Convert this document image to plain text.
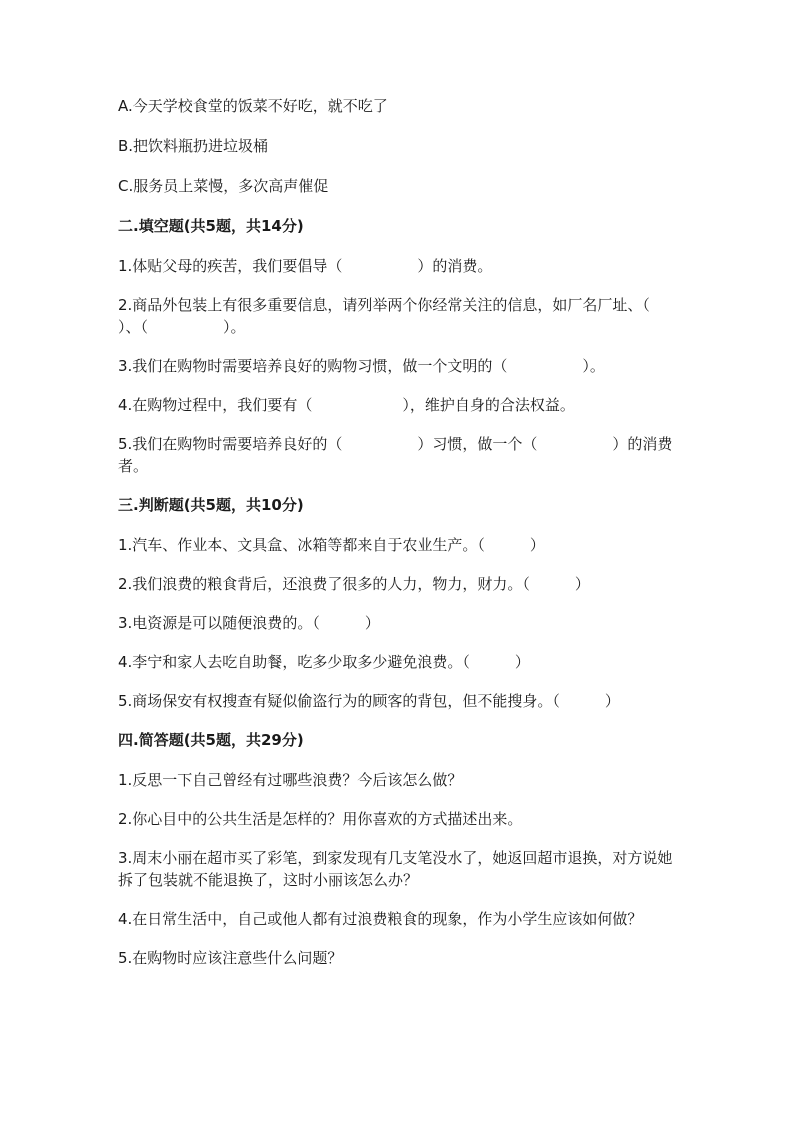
A.今天学校食堂的饭菜不好吃，就不吃了

B.把饮料瓶扔进垃圾桶

C.服务员上菜慢，多次高声催促

二.填空题(共5题，共14分)

1.体贴父母的疾苦，我们要倡导（　　　　　）的消费。

2.商品外包装上有很多重要信息，请列举两个你经常关注的信息，如厂名厂址、（　　　　　）、（　　　　　）。

3.我们在购物时需要培养良好的购物习惯，做一个文明的（　　　　　）。

4.在购物过程中，我们要有（　　　　　　），维护自身的合法权益。

5.我们在购物时需要培养良好的（　　　　　）习惯，做一个（　　　　　）的消费者。

三.判断题(共5题，共10分)

1.汽车、作业本、文具盒、冰箱等都来自于农业生产。（　　　）

2.我们浪费的粮食背后，还浪费了很多的人力，物力，财力。（　　　）

3.电资源是可以随便浪费的。（　　　）

4.李宁和家人去吃自助餐，吃多少取多少避免浪费。（　　　）

5.商场保安有权搜查有疑似偷盗行为的顾客的背包，但不能搜身。（　　　）

四.简答题(共5题，共29分)

1.反思一下自己曾经有过哪些浪费？今后该怎么做？

2.你心目中的公共生活是怎样的？用你喜欢的方式描述出来。

3.周末小丽在超市买了彩笔，到家发现有几支笔没水了，她返回超市退换，对方说她拆了包装就不能退换了，这时小丽该怎么办？

4.在日常生活中，自己或他人都有过浪费粮食的现象，作为小学生应该如何做？

5.在购物时应该注意些什么问题？
